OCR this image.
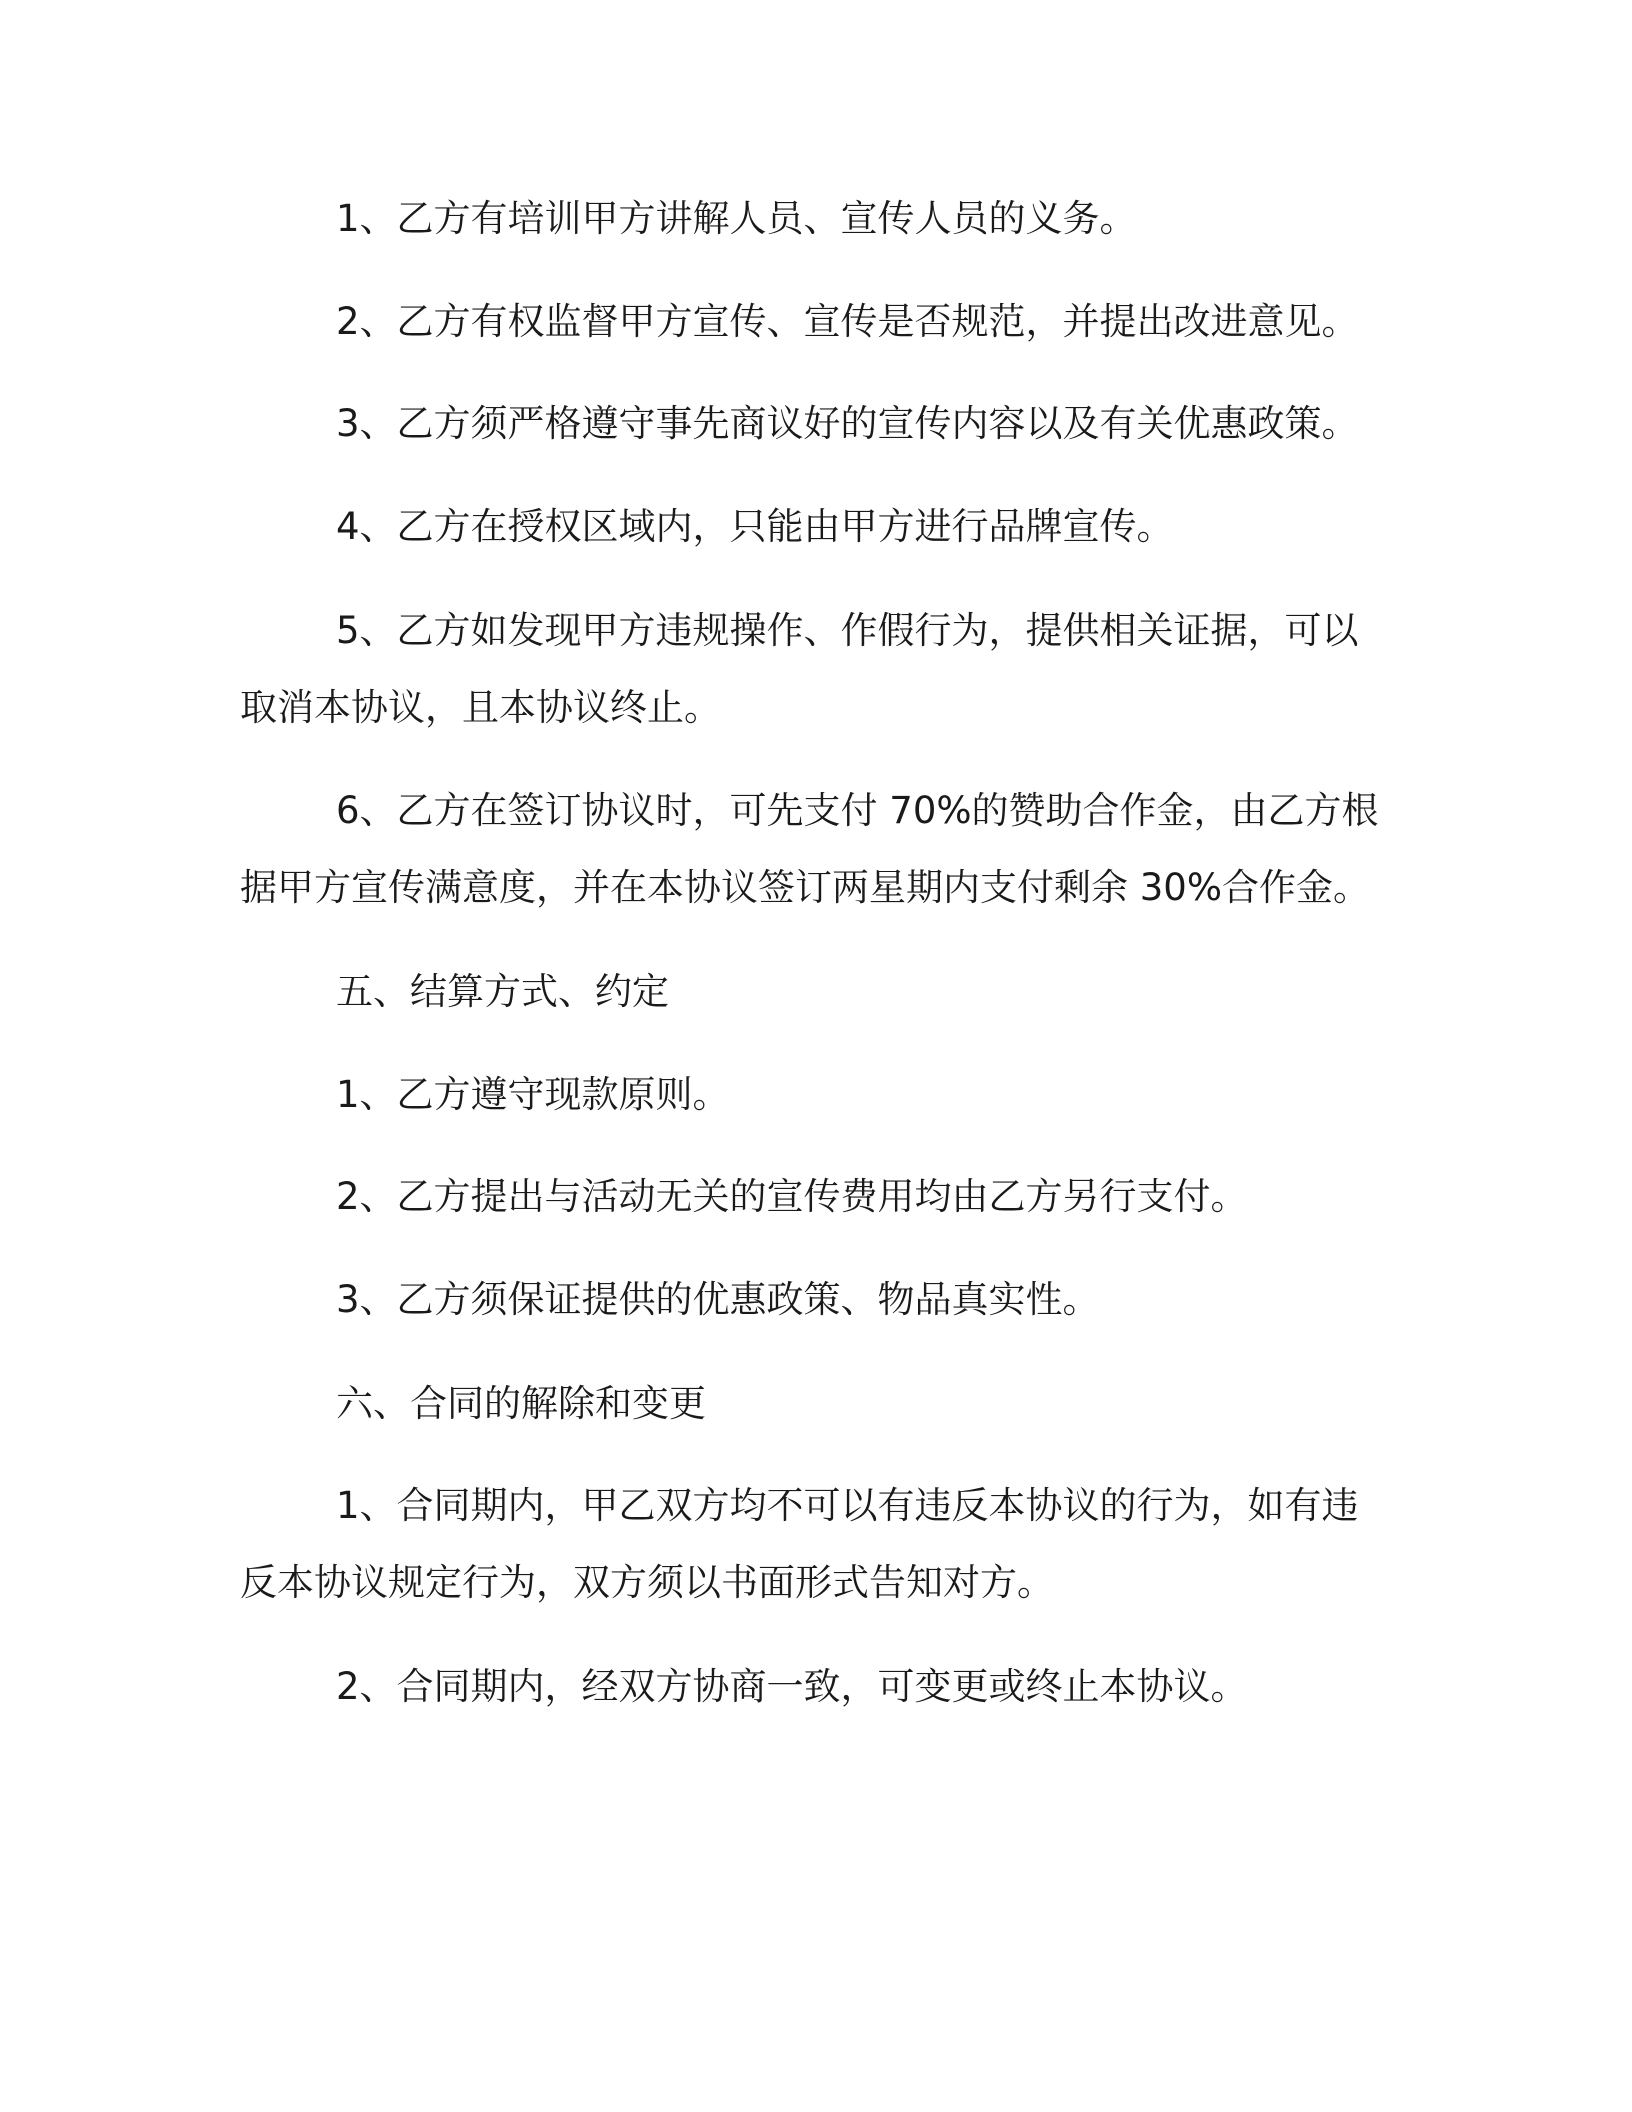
1、乙方有培训甲方讲解人员、宣传人员的义务。

2、乙方有权监督甲方宣传、宣传是否规范，并提出改进意见。

3、乙方须严格遵守事先商议好的宣传内容以及有关优惠政策。

4、乙方在授权区域内，只能由甲方进行品牌宣传。

5、乙方如发现甲方违规操作、作假行为，提供相关证据，可以取消本协议，且本协议终止。

6、乙方在签订协议时，可先支付 70%的赞助合作金，由乙方根据甲方宣传满意度，并在本协议签订两星期内支付剩余 30%合作金。

五、结算方式、约定

1、乙方遵守现款原则。

2、乙方提出与活动无关的宣传费用均由乙方另行支付。

3、乙方须保证提供的优惠政策、物品真实性。

六、合同的解除和变更

1、合同期内，甲乙双方均不可以有违反本协议的行为，如有违反本协议规定行为，双方须以书面形式告知对方。

2、合同期内，经双方协商一致，可变更或终止本协议。
